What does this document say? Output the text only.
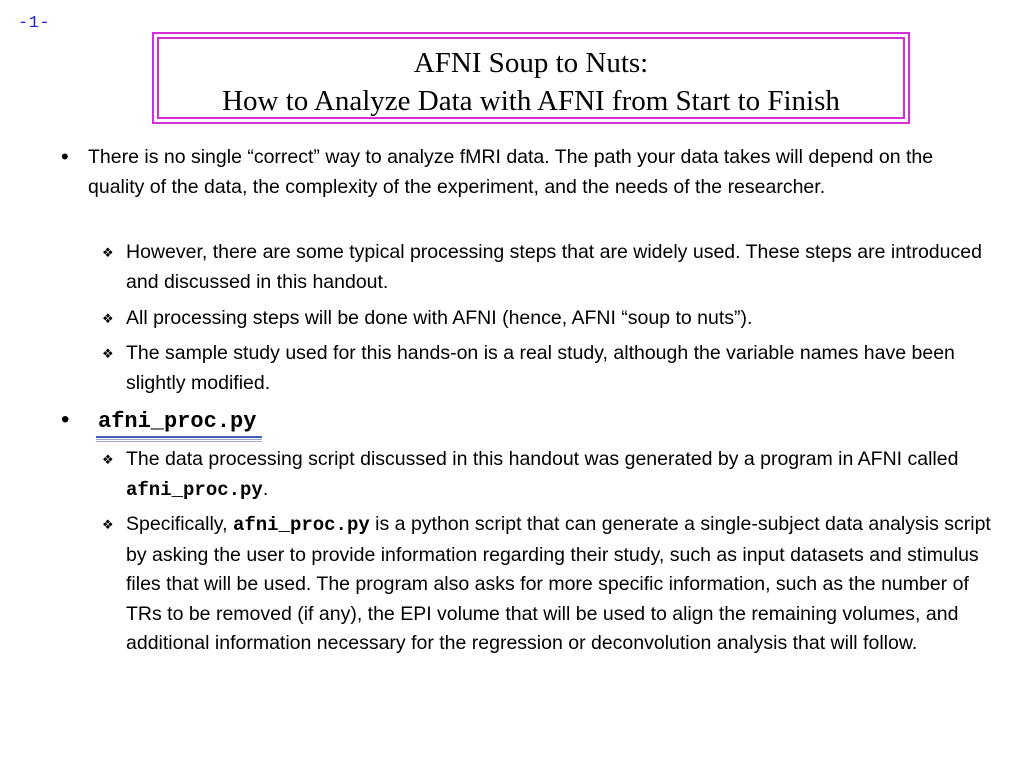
-1-
AFNI Soup to Nuts:
How to Analyze Data with AFNI from Start to Finish
• There is no single “correct” way to analyze fMRI data. The path your data takes will depend on the quality of the data, the complexity of the experiment, and the needs of the researcher.
❖ However, there are some typical processing steps that are widely used. These steps are introduced and discussed in this handout.
❖ All processing steps will be done with AFNI (hence, AFNI “soup to nuts”).
❖ The sample study used for this hands-on is a real study, although the variable names have been slightly modified.
• afni_proc.py
❖ The data processing script discussed in this handout was generated by a program in AFNI called afni_proc.py.
❖ Specifically, afni_proc.py is a python script that can generate a single-subject data analysis script by asking the user to provide information regarding their study, such as input datasets and stimulus files that will be used. The program also asks for more specific information, such as the number of TRs to be removed (if any), the EPI volume that will be used to align the remaining volumes, and additional information necessary for the regression or deconvolution analysis that will follow.
